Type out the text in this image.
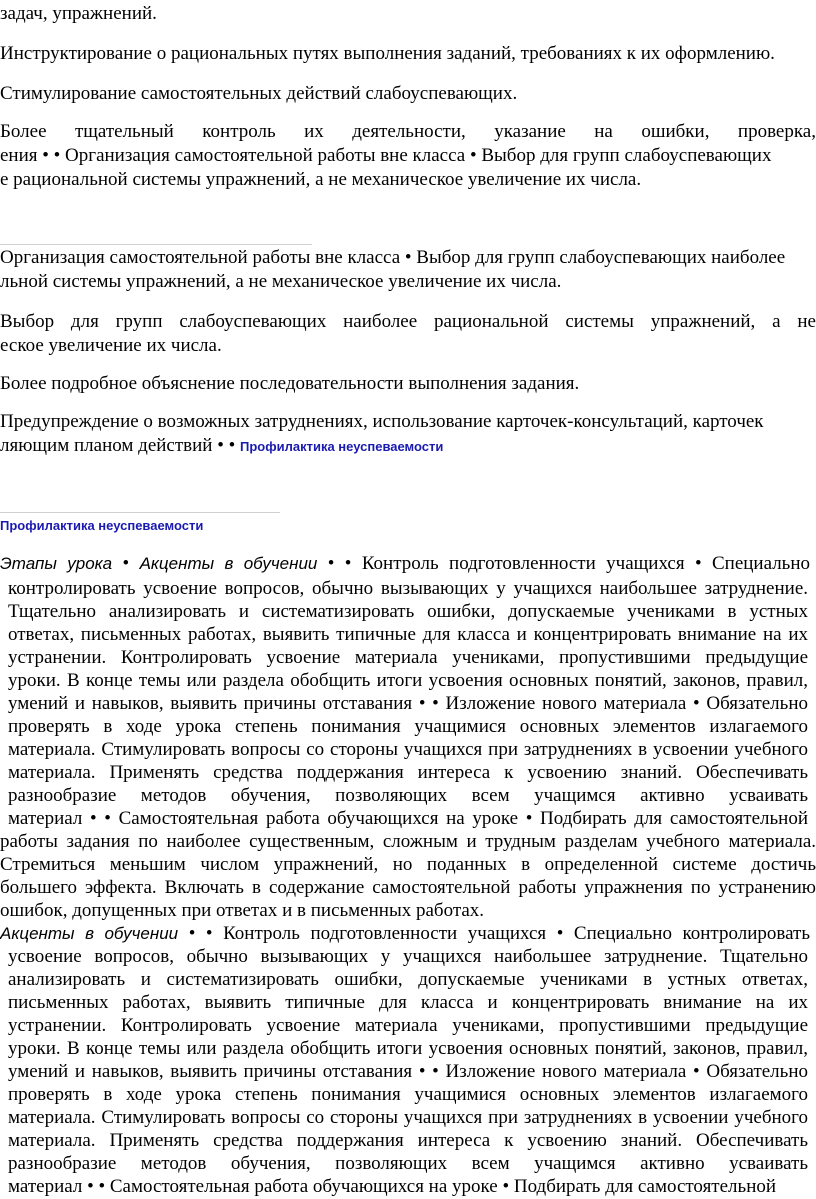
задач, упражнений.

Инструктирование о рациональных путях выполнения заданий, требованиях к их оформлению.

Стимулирование самостоятельных действий слабоуспевающих.

Более тщательный контроль их деятельности, указание на ошибки, проверка,

ения • • Организация самостоятельной работы вне класса • Выбор для групп слабоуспевающих

е рациональной системы упражнений, а не механическое увеличение их числа.

Организация самостоятельной работы вне класса • Выбор для групп слабоуспевающих наиболее

льной системы упражнений, а не механическое увеличение их числа.

Выбор для групп слабоуспевающих наиболее рациональной системы упражнений, а не

еское увеличение их числа.

Более подробное объяснение последовательности выполнения задания.

Предупреждение о возможных затруднениях, использование карточек-консультаций, карточек

ляющим планом действий • • Профилактика неуспеваемости

Профилактика неуспеваемости

Этапы урока • Акценты в обучении • • Контроль подготовленности учащихся • Специально

контролировать усвоение вопросов, обычно вызывающих у учащихся наибольшее затруднение.

Тщательно анализировать и систематизировать ошибки, допускаемые учениками в устных

ответах, письменных работах, выявить типичные для класса и концентрировать внимание на их

устранении. Контролировать усвоение материала учениками, пропустившими предыдущие

уроки. В конце темы или раздела обобщить итоги усвоения основных понятий, законов, правил,

умений и навыков, выявить причины отставания • • Изложение нового материала • Обязательно

проверять в ходе урока степень понимания учащимися основных элементов излагаемого

материала. Стимулировать вопросы со стороны учащихся при затруднениях в усвоении учебного

материала. Применять средства поддержания интереса к усвоению знаний. Обеспечивать

разнообразие методов обучения, позволяющих всем учащимся активно усваивать

материал • • Самостоятельная работа обучающихся на уроке • Подбирать для самостоятельной

работы задания по наиболее существенным, сложным и трудным разделам учебного материала.

Стремиться меньшим числом упражнений, но поданных в определенной системе достичь

большего эффекта. Включать в содержание самостоятельной работы упражнения по устранению

ошибок, допущенных при ответах и в письменных работах.

Акценты в обучении • • Контроль подготовленности учащихся • Специально контролировать

усвоение вопросов, обычно вызывающих у учащихся наибольшее затруднение. Тщательно

анализировать и систематизировать ошибки, допускаемые учениками в устных ответах,

письменных работах, выявить типичные для класса и концентрировать внимание на их

устранении. Контролировать усвоение материала учениками, пропустившими предыдущие

уроки. В конце темы или раздела обобщить итоги усвоения основных понятий, законов, правил,

умений и навыков, выявить причины отставания • • Изложение нового материала • Обязательно

проверять в ходе урока степень понимания учащимися основных элементов излагаемого

материала. Стимулировать вопросы со стороны учащихся при затруднениях в усвоении учебного

материала. Применять средства поддержания интереса к усвоению знаний. Обеспечивать

разнообразие методов обучения, позволяющих всем учащимся активно усваивать

материал • • Самостоятельная работа обучающихся на уроке • Подбирать для самостоятельной
